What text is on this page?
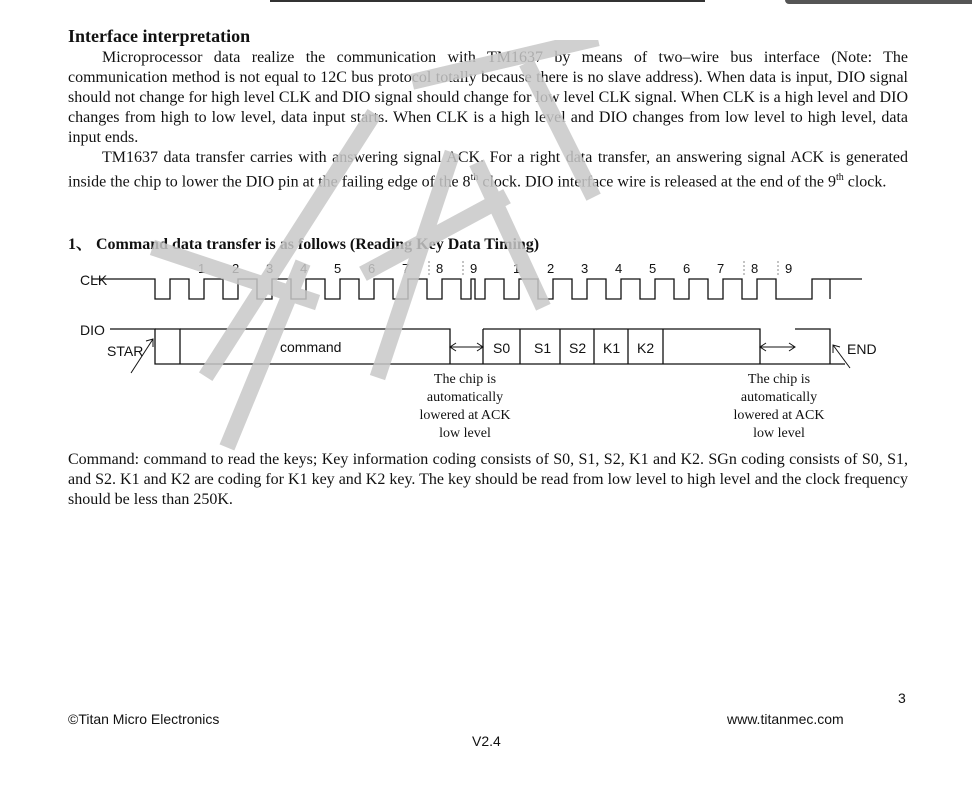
Interface interpretation

Microprocessor data realize the communication with TM1637 by means of two–wire bus interface (Note: The communication method is not equal to 12C bus protocol totally because there is no slave address). When data is input, DIO signal should not change for high level CLK and DIO signal should change for low level CLK signal. When CLK is a high level and DIO changes from high to low level, data input starts. When CLK is a high level and DIO changes from low level to high level, data input ends.

TM1637 data transfer carries with answering signal ACK. For a right data transfer, an answering signal ACK is generated inside the chip to lower the DIO pin at the failing edge of the 8th clock. DIO interface wire is released at the end of the 9th clock.

1、 Command data transfer is as follows (Reading Key Data Timing)
CLK
DIO
STAR	END
1 2 3 4 5 6 7 8 9	1 2 3 4 5 6 7 8 9
command	S0 S1 S2 K1 K2
The chip is
automatically
lowered at ACK
low level
The chip is
automatically
lowered at ACK
low level

Command: command to read the keys; Key information coding consists of S0, S1, S2, K1 and K2. SGn coding consists of S0, S1, and S2. K1 and K2 are coding for K1 key and K2 key. The key should be read from low level to high level and the clock frequency should be less than 250K.

3
©Titan Micro Electronics	www.titanmec.com
V2.4
